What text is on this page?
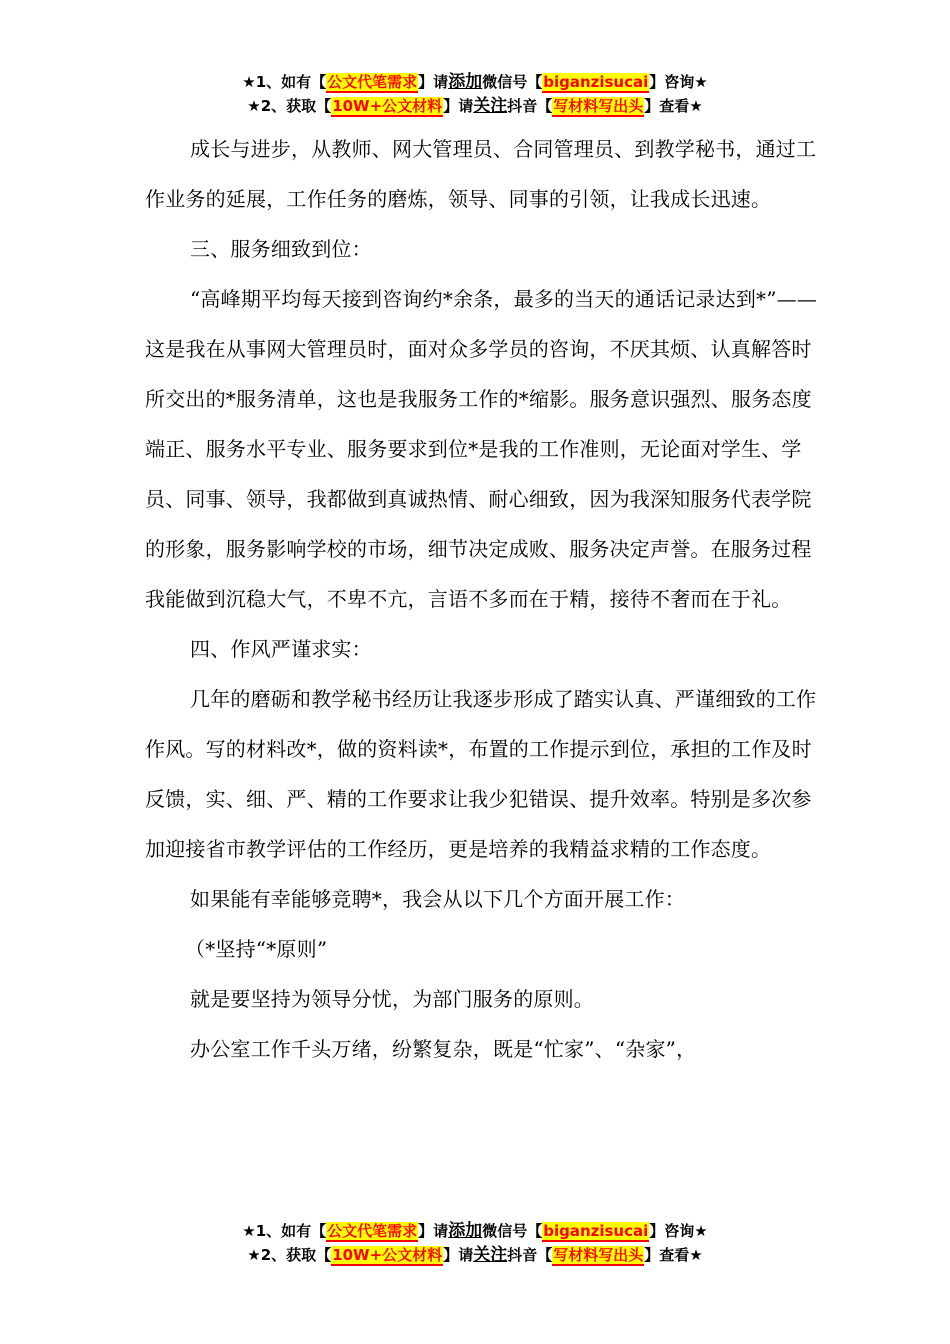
★1、如有【公文代笔需求】请添加微信号【biganzisucai】咨询★
★2、获取【10W+公文材料】请关注抖音【写材料写出头】查看★

成长与进步，从教师、网大管理员、合同管理员、到教学秘书，通过工作业务的延展，工作任务的磨炼，领导、同事的引领，让我成长迅速。

三、服务细致到位：

“高峰期平均每天接到咨询约*余条，最多的当天的通话记录达到*”——这是我在从事网大管理员时，面对众多学员的咨询，不厌其烦、认真解答时所交出的*服务清单，这也是我服务工作的*缩影。服务意识强烈、服务态度端正、服务水平专业、服务要求到位*是我的工作准则，无论面对学生、学员、同事、领导，我都做到真诚热情、耐心细致，因为我深知服务代表学院的形象，服务影响学校的市场，细节决定成败、服务决定声誉。在服务过程我能做到沉稳大气，不卑不亢，言语不多而在于精，接待不奢而在于礼。

四、作风严谨求实：

几年的磨砺和教学秘书经历让我逐步形成了踏实认真、严谨细致的工作作风。写的材料改*，做的资料读*，布置的工作提示到位，承担的工作及时反馈，实、细、严、精的工作要求让我少犯错误、提升效率。特别是多次参加迎接省市教学评估的工作经历，更是培养的我精益求精的工作态度。

如果能有幸能够竞聘*，我会从以下几个方面开展工作：

（*坚持“*原则”

就是要坚持为领导分忧，为部门服务的原则。

办公室工作千头万绪，纷繁复杂，既是“忙家”、“杂家”，

★1、如有【公文代笔需求】请添加微信号【biganzisucai】咨询★
★2、获取【10W+公文材料】请关注抖音【写材料写出头】查看★
